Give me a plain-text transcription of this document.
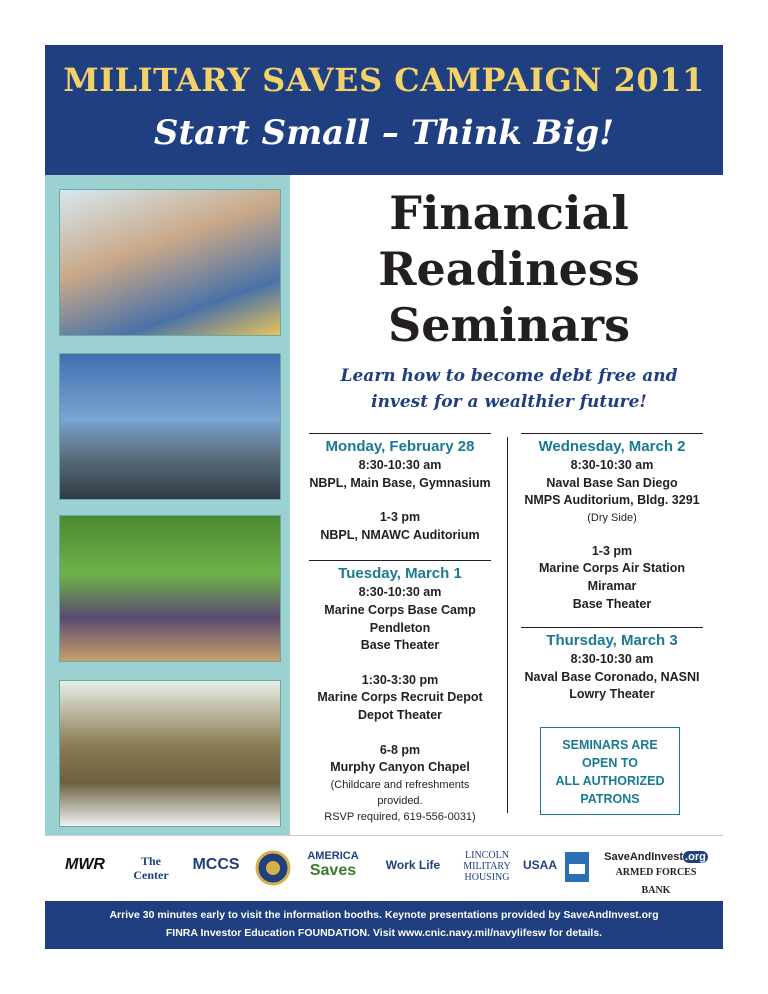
MILITARY SAVES CAMPAIGN 2011
Start Small – Think Big!
Financial
Readiness
Seminars
Learn how to become debt free and
invest for a wealthier future!
Monday, February 28
8:30-10:30 am
NBPL, Main Base, Gymnasium
1-3 pm
NBPL, NMAWC Auditorium
Tuesday, March 1
8:30-10:30 am
Marine Corps Base Camp
Pendleton
Base Theater
1:30-3:30 pm
Marine Corps Recruit Depot
Depot Theater
6-8 pm
Murphy Canyon Chapel
(Childcare and refreshments provided.
RSVP required, 619-556-0031)
Wednesday, March 2
8:30-10:30 am
Naval Base San Diego
NMPS Auditorium, Bldg. 3291
(Dry Side)
1-3 pm
Marine Corps Air Station
Miramar
Base Theater
Thursday, March 3
8:30-10:30 am
Naval Base Coronado, NASNI
Lowry Theater
SEMINARS ARE
OPEN TO
ALL AUTHORIZED
PATRONS
MWR	The Center
MCCS	AMERICA
Saves	Work Life
LINCOLN
MILITARY
HOUSING
USAA
SaveAndInvest .org
ARMED FORCES BANK
Arrive 30 minutes early to visit the information booths. Keynote presentations provided by SaveAndInvest.org
FINRA Investor Education FOUNDATION. Visit www.cnic.navy.mil/navylifesw for details.
